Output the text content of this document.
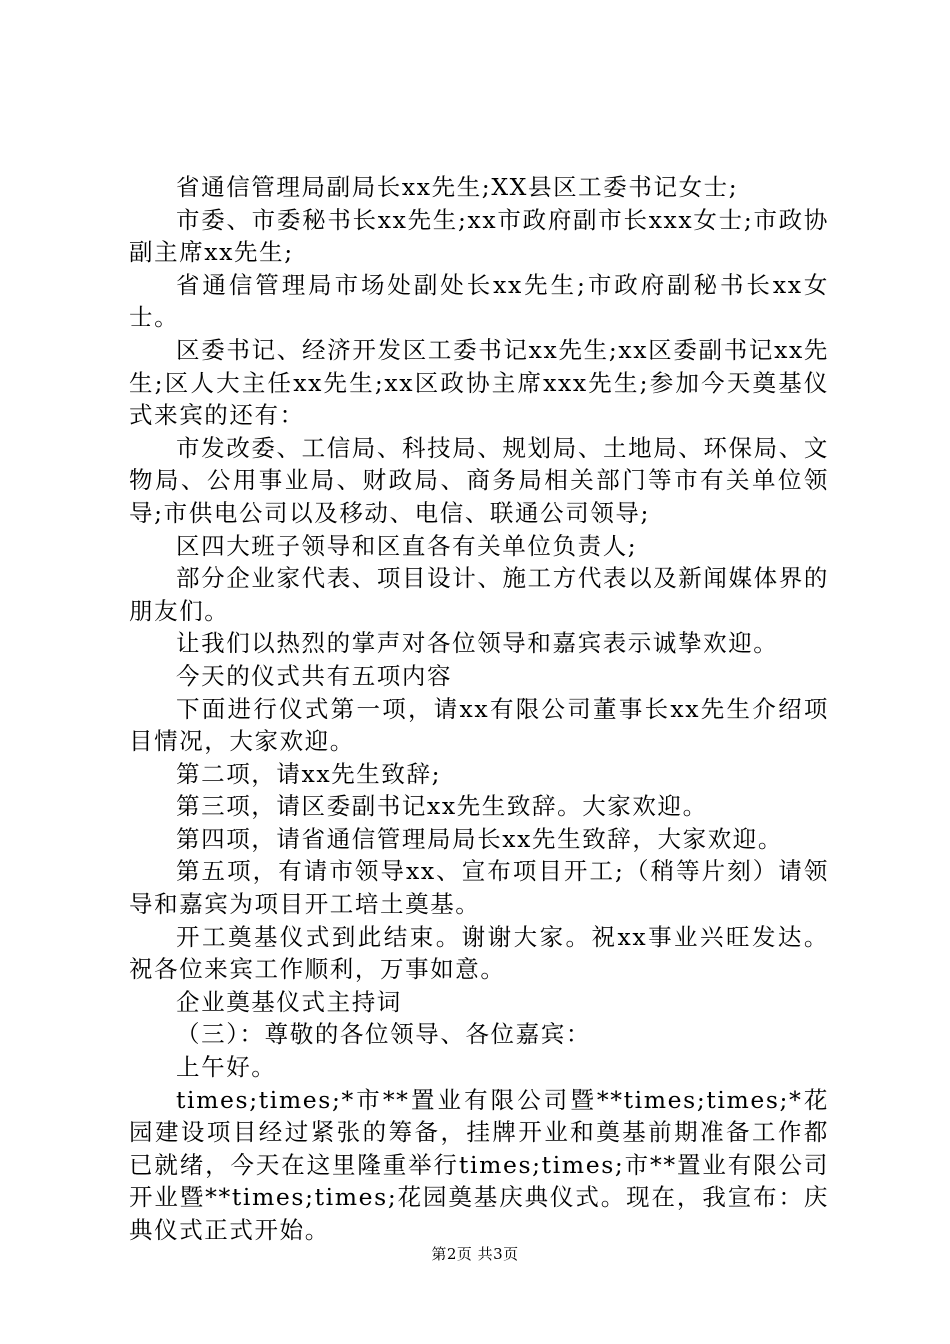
省通信管理局副局长xx先生;XX县区工委书记女士;

市委、市委秘书长xx先生;xx市政府副市长xxx女士;市政协副主席xx先生;

省通信管理局市场处副处长xx先生;市政府副秘书长xx女士。

区委书记、经济开发区工委书记xx先生;xx区委副书记xx先生;区人大主任xx先生;xx区政协主席xxx先生;参加今天奠基仪式来宾的还有：

市发改委、工信局、科技局、规划局、土地局、环保局、文物局、公用事业局、财政局、商务局相关部门等市有关单位领导;市供电公司以及移动、电信、联通公司领导;

区四大班子领导和区直各有关单位负责人;

部分企业家代表、项目设计、施工方代表以及新闻媒体界的朋友们。

让我们以热烈的掌声对各位领导和嘉宾表示诚挚欢迎。

今天的仪式共有五项内容

下面进行仪式第一项，请xx有限公司董事长xx先生介绍项目情况，大家欢迎。

第二项，请xx先生致辞;

第三项，请区委副书记xx先生致辞。大家欢迎。

第四项，请省通信管理局局长xx先生致辞，大家欢迎。

第五项，有请市领导xx、宣布项目开工;（稍等片刻）请领导和嘉宾为项目开工培土奠基。

开工奠基仪式到此结束。谢谢大家。祝xx事业兴旺发达。祝各位来宾工作顺利，万事如意。

企业奠基仪式主持词

（三）：尊敬的各位领导、各位嘉宾：

上午好。

times;times;*市**置业有限公司暨**times;times;*花园建设项目经过紧张的筹备，挂牌开业和奠基前期准备工作都已就绪，今天在这里隆重举行times;times;市**置业有限公司开业暨**times;times;花园奠基庆典仪式。现在，我宣布：庆典仪式正式开始。

第2页 共3页
